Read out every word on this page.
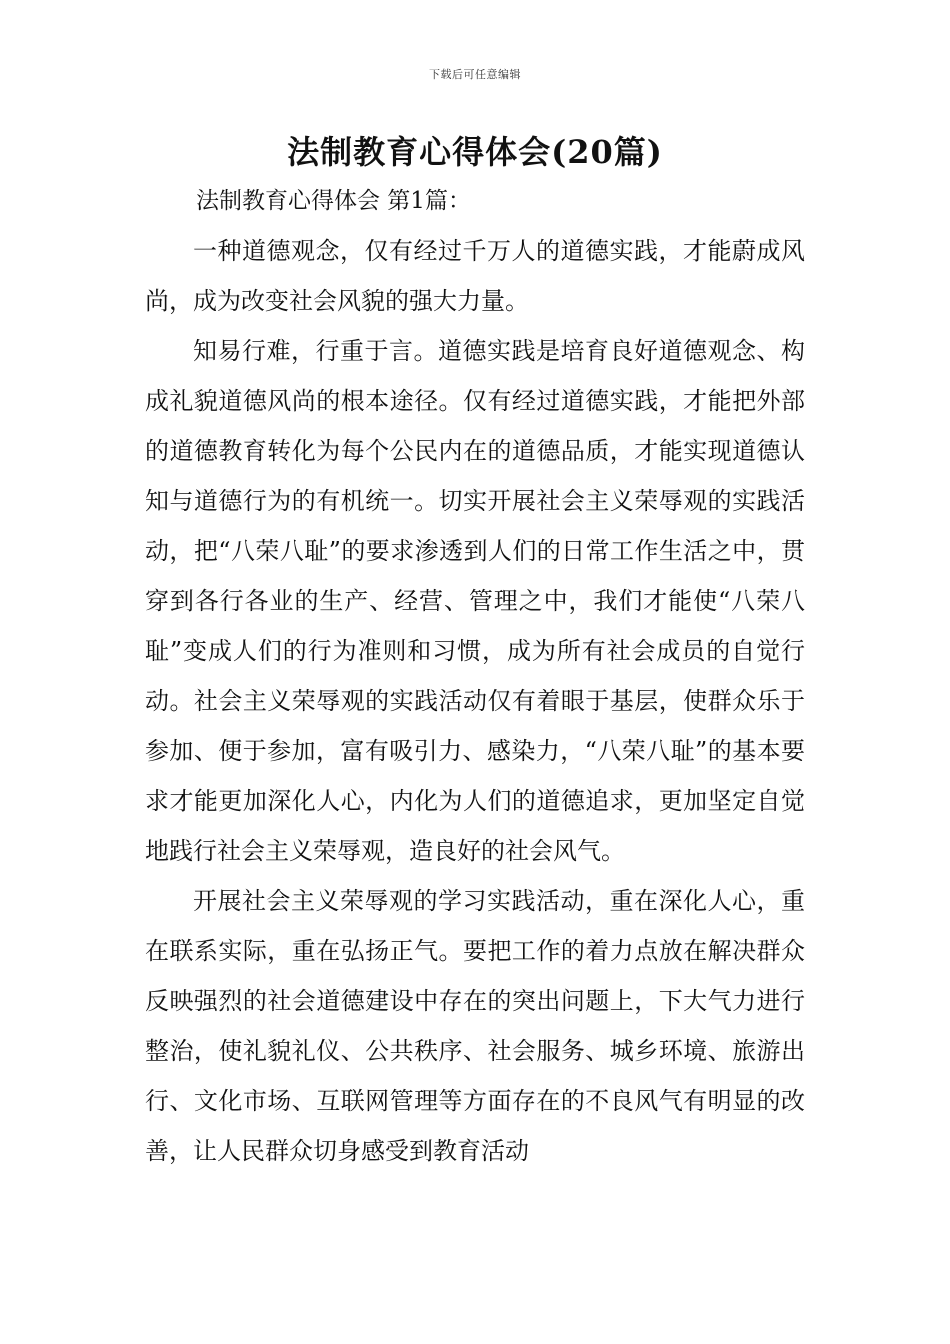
下载后可任意编辑
法制教育心得体会(20篇)
法制教育心得体会 第1篇：

一种道德观念，仅有经过千万人的道德实践，才能蔚成风尚，成为改变社会风貌的强大力量。

知易行难，行重于言。道德实践是培育良好道德观念、构成礼貌道德风尚的根本途径。仅有经过道德实践，才能把外部的道德教育转化为每个公民内在的道德品质，才能实现道德认知与道德行为的有机统一。切实开展社会主义荣辱观的实践活动，把“八荣八耻”的要求渗透到人们的日常工作生活之中，贯穿到各行各业的生产、经营、管理之中，我们才能使“八荣八耻”变成人们的行为准则和习惯，成为所有社会成员的自觉行动。社会主义荣辱观的实践活动仅有着眼于基层，使群众乐于参加、便于参加，富有吸引力、感染力，“八荣八耻”的基本要求才能更加深化人心，内化为人们的道德追求，更加坚定自觉地践行社会主义荣辱观，造良好的社会风气。

开展社会主义荣辱观的学习实践活动，重在深化人心，重在联系实际，重在弘扬正气。要把工作的着力点放在解决群众反映强烈的社会道德建设中存在的突出问题上，下大气力进行整治，使礼貌礼仪、公共秩序、社会服务、城乡环境、旅游出行、文化市场、互联网管理等方面存在的不良风气有明显的改善，让人民群众切身感受到教育活动
